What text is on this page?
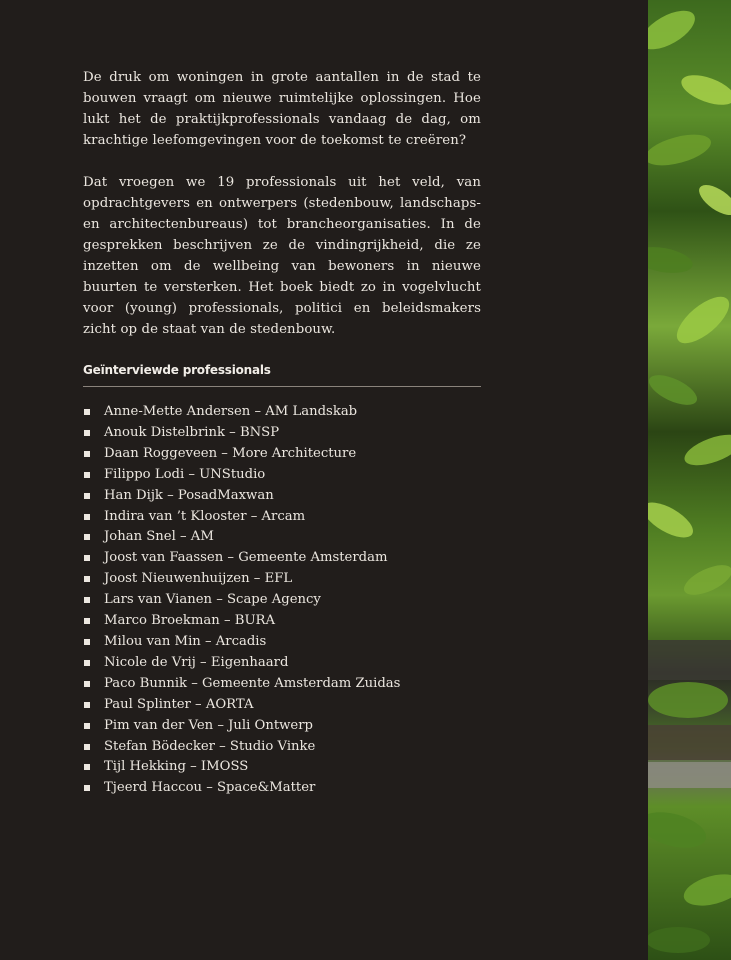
De druk om woningen in grote aantallen in de stad te bouwen vraagt om nieuwe ruimtelijke oplossingen. Hoe lukt het de praktijkprofessionals vandaag de dag, om krachtige leefomgevingen voor de toekomst te creëren?

Dat vroegen we 19 professionals uit het veld, van opdrachtgevers en ontwerpers (stedenbouw, landschaps- en architectenbureaus) tot brancheorganisaties. In de gesprekken beschrijven ze de vindingrijkheid, die ze inzetten om de wellbeing van bewoners in nieuwe buurten te versterken. Het boek biedt zo in vogelvlucht voor (young) professionals, politici en beleidsmakers zicht op de staat van de stedenbouw.

Geïnterviewde professionals
Anne-Mette Andersen – AM Landskab
Anouk Distelbrink – BNSP
Daan Roggeveen – More Architecture
Filippo Lodi – UNStudio
Han Dijk – PosadMaxwan
Indira van ’t Klooster – Arcam
Johan Snel – AM
Joost van Faassen – Gemeente Amsterdam
Joost Nieuwenhuijzen – EFL
Lars van Vianen – Scape Agency
Marco Broekman – BURA
Milou van Min – Arcadis
Nicole de Vrij – Eigenhaard
Paco Bunnik – Gemeente Amsterdam Zuidas
Paul Splinter – AORTA
Pim van der Ven – Juli Ontwerp
Stefan Bödecker – Studio Vinke
Tijl Hekking – IMOSS
Tjeerd Haccou – Space&Matter
